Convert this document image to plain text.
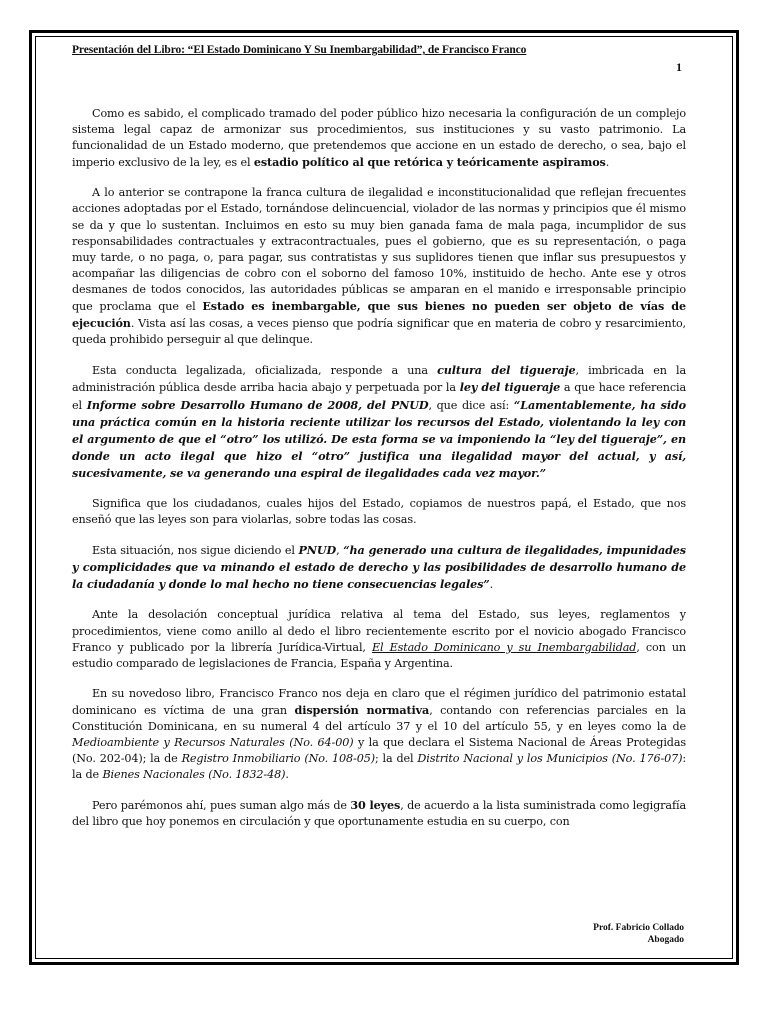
Presentación del Libro: “El Estado Dominicano Y Su Inembargabilidad”, de Francisco Franco
1

Como es sabido, el complicado tramado del poder público hizo necesaria la configuración de un complejo sistema legal capaz de armonizar sus procedimientos, sus instituciones y su vasto patrimonio. La funcionalidad de un Estado moderno, que pretendemos que accione en un estado de derecho, o sea, bajo el imperio exclusivo de la ley, es el estadio político al que retórica y teóricamente aspiramos.

A lo anterior se contrapone la franca cultura de ilegalidad e inconstitucionalidad que reflejan frecuentes acciones adoptadas por el Estado, tornándose delincuencial, violador de las normas y principios que él mismo se da y que lo sustentan. Incluimos en esto su muy bien ganada fama de mala paga, incumplidor de sus responsabilidades contractuales y extracontractuales, pues el gobierno, que es su representación, o paga muy tarde, o no paga, o, para pagar, sus contratistas y sus suplidores tienen que inflar sus presupuestos y acompañar las diligencias de cobro con el soborno del famoso 10%, instituido de hecho. Ante ese y otros desmanes de todos conocidos, las autoridades públicas se amparan en el manido e irresponsable principio que proclama que el Estado es inembargable, que sus bienes no pueden ser objeto de vías de ejecución. Vista así las cosas, a veces pienso que podría significar que en materia de cobro y resarcimiento, queda prohibido perseguir al que delinque.

Esta conducta legalizada, oficializada, responde a una cultura del tigueraje, imbricada en la administración pública desde arriba hacia abajo y perpetuada por la ley del tigueraje a que hace referencia el Informe sobre Desarrollo Humano de 2008, del PNUD, que dice así: “Lamentablemente, ha sido una práctica común en la historia reciente utilizar los recursos del Estado, violentando la ley con el argumento de que el “otro” los utilizó. De esta forma se va imponiendo la “ley del tigueraje”, en donde un acto ilegal que hizo el “otro” justifica una ilegalidad mayor del actual, y así, sucesivamente, se va generando una espiral de ilegalidades cada vez mayor.”

Significa que los ciudadanos, cuales hijos del Estado, copiamos de nuestros papá, el Estado, que nos enseñó que las leyes son para violarlas, sobre todas las cosas.

Esta situación, nos sigue diciendo el PNUD, “ha generado una cultura de ilegalidades, impunidades y complicidades que va minando el estado de derecho y las posibilidades de desarrollo humano de la ciudadanía y donde lo mal hecho no tiene consecuencias legales”.

Ante la desolación conceptual jurídica relativa al tema del Estado, sus leyes, reglamentos y procedimientos, viene como anillo al dedo el libro recientemente escrito por el novicio abogado Francisco Franco y publicado por la librería Jurídica-Virtual, El Estado Dominicano y su Inembargabilidad, con un estudio comparado de legislaciones de Francia, España y Argentina.

En su novedoso libro, Francisco Franco nos deja en claro que el régimen jurídico del patrimonio estatal dominicano es víctima de una gran dispersión normativa, contando con referencias parciales en la Constitución Dominicana, en su numeral 4 del artículo 37 y el 10 del artículo 55, y en leyes como la de Medioambiente y Recursos Naturales (No. 64-00) y la que declara el Sistema Nacional de Áreas Protegidas (No. 202-04); la de Registro Inmobiliario (No. 108-05); la del Distrito Nacional y los Municipios (No. 176-07): la de Bienes Nacionales (No. 1832-48).

Pero parémonos ahí, pues suman algo más de 30 leyes, de acuerdo a la lista suministrada como legigrafía del libro que hoy ponemos en circulación y que oportunamente estudia en su cuerpo, con

Prof. Fabricio Collado
Abogado
